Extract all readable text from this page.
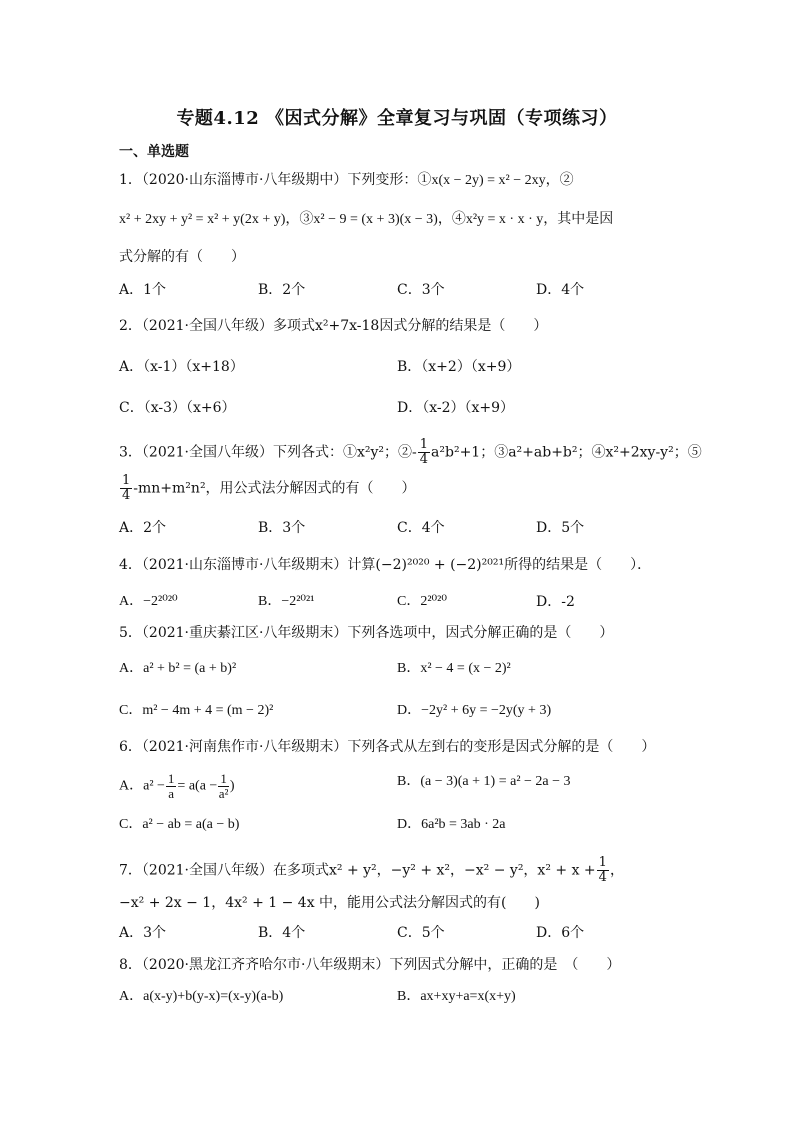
专题4.12 《因式分解》全章复习与巩固（专项练习）
一、单选题
1．（2020·山东淄博市·八年级期中）下列变形：①x(x − 2y) = x² − 2xy，②
x² + 2xy + y² = x² + y(2x + y)，③x² − 9 = (x + 3)(x − 3)，④x²y = x · x · y，其中是因
式分解的有（　　）
A．1个	B．2个	C．3个	D．4个
2．（2021·全国八年级）多项式x²+7x-18因式分解的结果是（　　）
A．（x-1）（x+18）	B．（x+2）（x+9）
C．（x-3）（x+6）	D．（x-2）（x+9）
3．（2021·全国八年级）下列各式：①x²y²；②- $\frac{1}{4} a^2b^2+1$；③a²+ab+b²；④x²+2xy-y²；⑤
$\frac{1}{4} -mn+m^2n^2$，用公式法分解因式的有（　　）
A．2个	B．3个	C．4个	D．5个
4．（2021·山东淄博市·八年级期末）计算(−2)²⁰²⁰ + (−2)²⁰²¹所得的结果是（　　）．
A．−2²⁰²⁰	B．−2²⁰²¹	C．2²⁰²⁰	D．-2
5．（2021·重庆綦江区·八年级期末）下列各选项中，因式分解正确的是（　　）
A．a² + b² = (a + b)²	B．x² − 4 = (x − 2)²
C．m² − 4m + 4 = (m − 2)²	D．−2y² + 6y = −2y(y + 3)
6．（2021·河南焦作市·八年级期末）下列各式从左到右的变形是因式分解的是（　　）
A．$a^2 - \frac{1}{a} = a(a - \frac{1}{\text{a²}}$ )	B．(a − 3)(a + 1) = a² − 2a − 3
C．a² − ab = a(a − b)	D．6a²b = 3ab · 2a
7．（2021·全国八年级）在多项式x² + y²，−y² + x²，−x² − y²，$x^2 + x + \frac{1}{4}$ ，
−x² + 2x − 1，4x² + 1 − 4x 中，能用公式法分解因式的有(　　)
A．3个	B．4个	C．5个	D．6个
8．（2020·黑龙江齐齐哈尔市·八年级期末）下列因式分解中，正确的是　（　　）
A．a(x-y)+b(y-x)=(x-y)(a-b)	B．ax+xy+a=x(x+y)
